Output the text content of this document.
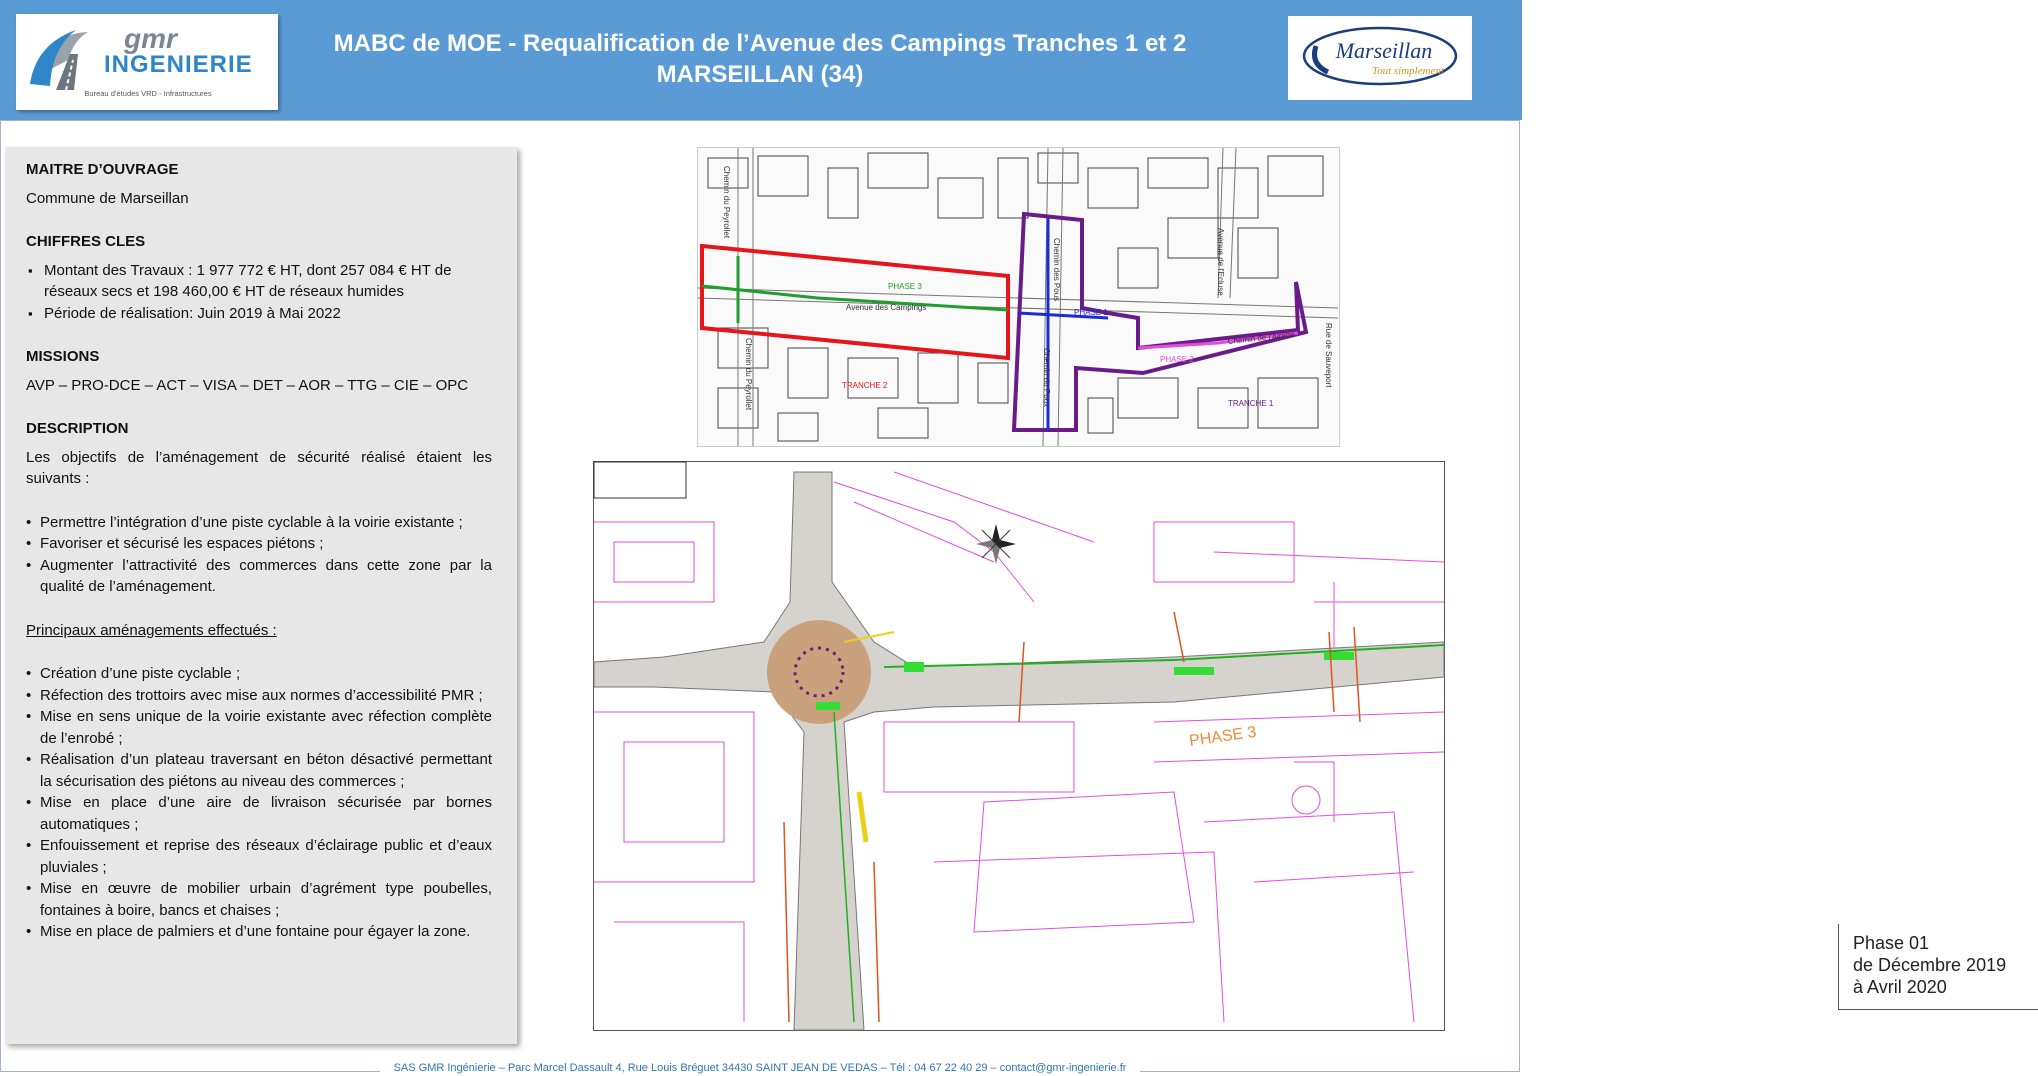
gmr
INGENIERIE
Bureau d’études VRD - Infrastructures
MABC de MOE - Requalification de l’Avenue des Campings Tranches 1 et 2
MARSEILLAN (34)
Marseillan
Tout simplement
MAITRE D’OUVRAGE

Commune de Marseillan

CHIFFRES CLES
▪ Montant des Travaux : 1 977 772 € HT, dont 257 084 € HT de réseaux secs et 198 460,00 € HT de réseaux humides
▪ Période de réalisation: Juin 2019 à Mai 2022
MISSIONS

AVP – PRO-DCE – ACT – VISA – DET – AOR – TTG – CIE – OPC

DESCRIPTION

Les objectifs de l’aménagement de sécurité réalisé étaient les suivants :

• Permettre l’intégration d’une piste cyclable à la voirie existante ;
• Favoriser et sécurisé les espaces piétons ;
• Augmenter l’attractivité des commerces dans cette zone par la qualité de l’aménagement.

Principaux aménagements effectués :

• Création d’une piste cyclable ;
• Réfection des trottoirs avec mise aux normes d’accessibilité PMR ;
• Mise en sens unique de la voirie existante avec réfection complète de l’enrobé ;
• Réalisation d’un plateau traversant en béton désactivé permettant la sécurisation des piétons au niveau des commerces ;
• Mise en place d’une aire de livraison sécurisée par bornes automatiques ;
• Enfouissement et reprise des réseaux d’éclairage public et d’eaux pluviales ;
• Mise en œuvre de mobilier urbain d’agrément type poubelles, fontaines à boire, bancs et chaises ;
• Mise en place de palmiers et d’une fontaine pour égayer la zone.
PHASE 3
PHASE 1
PHASE 2
TRANCHE 1
TRANCHE 2
Avenue des Campings
Chemin de l'Airette
Chemin des Pous	Avenue de l'Ecluse
Chemin du Peyrollet
Chemin du Peyrollet	Chemin du Poux	Rue de Sauveport
PHASE 3
Phase 01
de Décembre 2019
à Avril 2020
SAS GMR Ingénierie – Parc Marcel Dassault 4, Rue Louis Bréguet 34430 SAINT JEAN DE VEDAS – Tél : 04 67 22 40 29 – contact@gmr-ingenierie.fr
